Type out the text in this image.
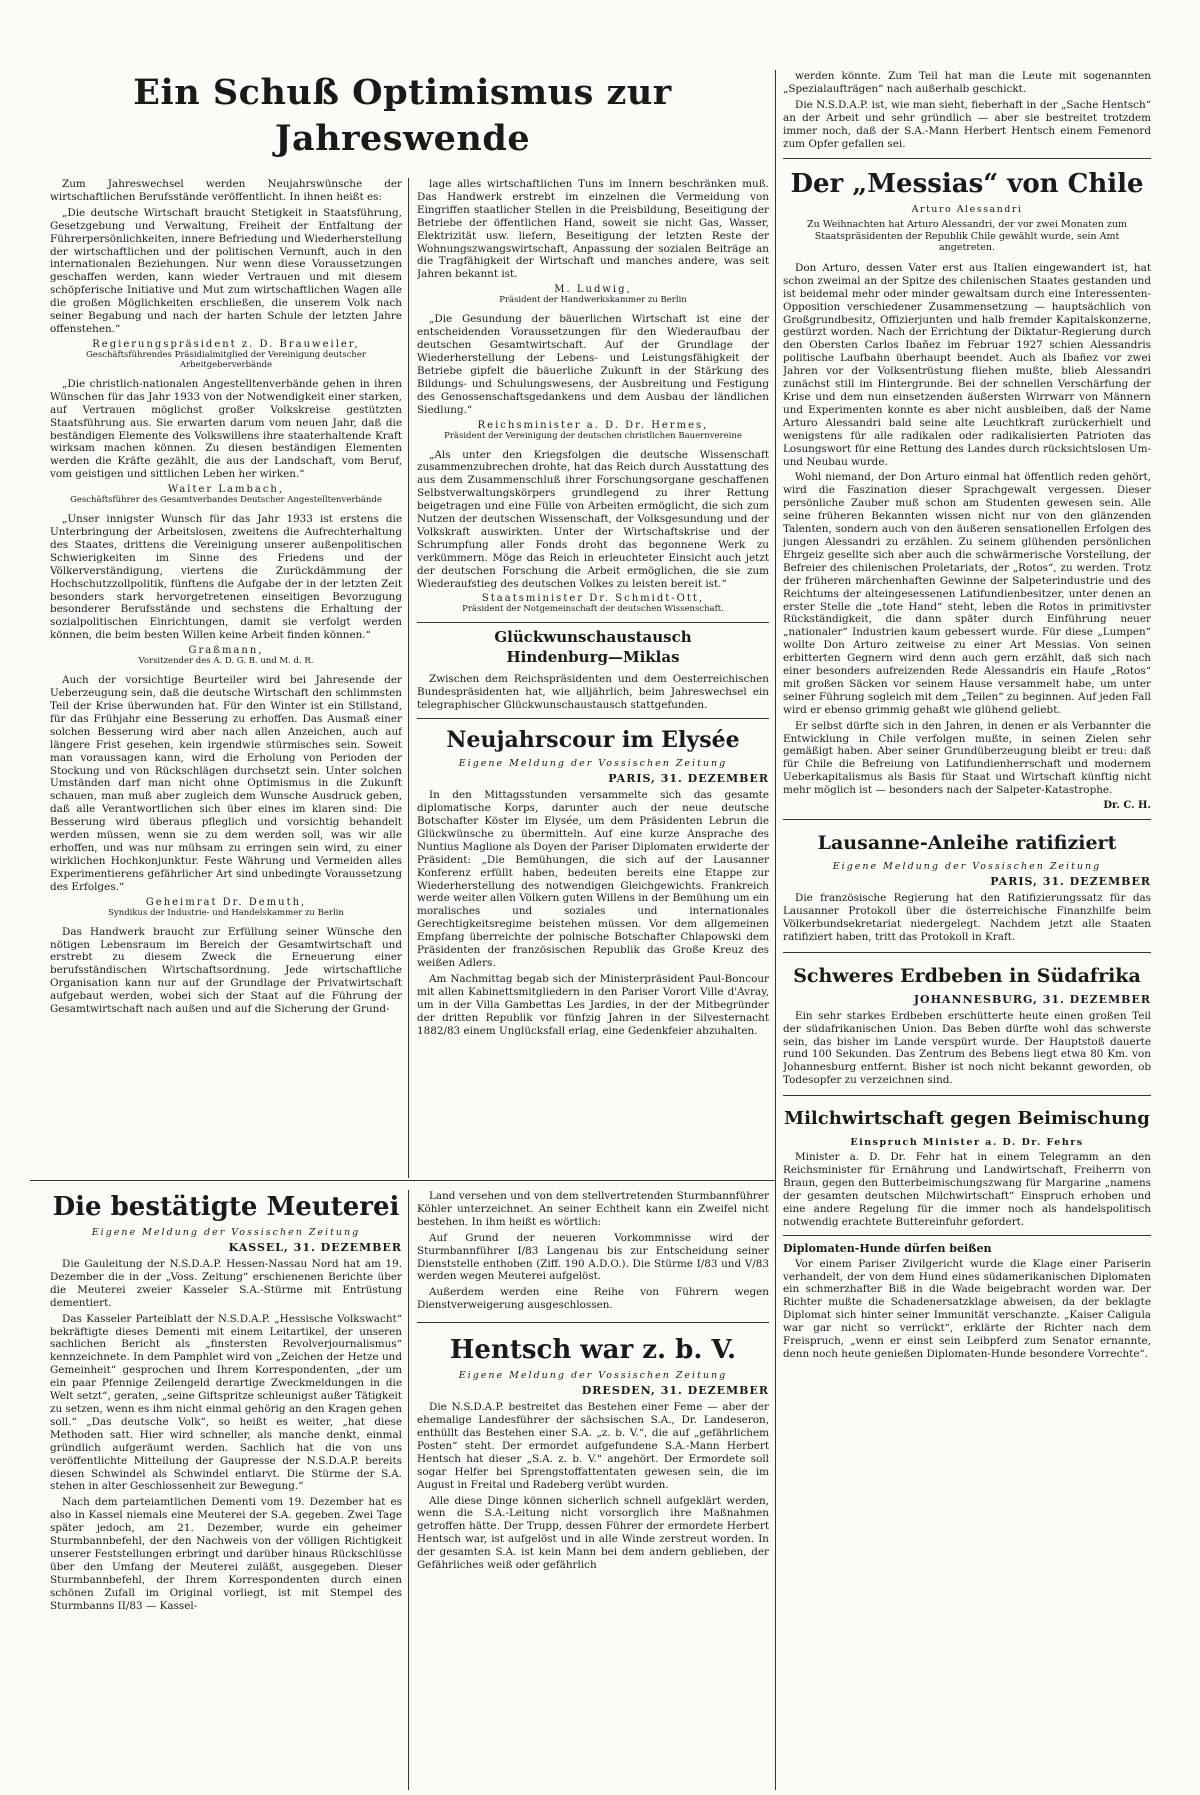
Ein Schuß Optimismus zur Jahreswende

Zum Jahreswechsel werden Neujahrswünsche der wirtschaftlichen Berufsstände veröffentlicht. In ihnen heißt es:

„Die deutsche Wirtschaft braucht Stetigkeit in Staatsführung, Gesetzgebung und Verwaltung, Freiheit der Entfaltung der Führerpersönlichkeiten, innere Befriedung und Wiederherstellung der wirtschaftlichen und der politischen Vernunft, auch in den internationalen Beziehungen. Nur wenn diese Voraussetzungen geschaffen werden, kann wieder Vertrauen und mit diesem schöpferische Initiative und Mut zum wirtschaftlichen Wagen alle die großen Möglichkeiten erschließen, die unserem Volk nach seiner Begabung und nach der harten Schule der letzten Jahre offenstehen.“

Regierungspräsident z. D. Brauweiler,
Geschäftsführendes Präsidialmitglied der Vereinigung deutscher Arbeitgeberverbände

„Die christlich-nationalen Angestelltenverbände gehen in ihren Wünschen für das Jahr 1933 von der Notwendigkeit einer starken, auf Vertrauen möglichst großer Volkskreise gestützten Staatsführung aus. Sie erwarten darum vom neuen Jahr, daß die beständigen Elemente des Volkswillens ihre staaterhaltende Kraft wirksam machen können. Zu diesen beständigen Elementen werden die Kräfte gezählt, die aus der Landschaft, vom Beruf, vom geistigen und sittlichen Leben her wirken.“

Walter Lambach,
Geschäftsführer des Gesamtverbandes Deutscher Angestelltenverbände

„Unser innigster Wunsch für das Jahr 1933 ist erstens die Unterbringung der Arbeitslosen, zweitens die Aufrechterhaltung des Staates, drittens die Vereinigung unserer außenpolitischen Schwierigkeiten im Sinne des Friedens und der Völkerverständigung, viertens die Zurückdämmung der Hochschutzzollpolitik, fünftens die Aufgabe der in der letzten Zeit besonders stark hervorgetretenen einseitigen Bevorzugung besonderer Berufsstände und sechstens die Erhaltung der sozialpolitischen Einrichtungen, damit sie verfolgt werden können, die beim besten Willen keine Arbeit finden können.“

Graßmann,
Vorsitzender des A. D. G. B. und M. d. R.

Auch der vorsichtige Beurteiler wird bei Jahresende der Ueberzeugung sein, daß die deutsche Wirtschaft den schlimmsten Teil der Krise überwunden hat. Für den Winter ist ein Stillstand, für das Frühjahr eine Besserung zu erhoffen. Das Ausmaß einer solchen Besserung wird aber nach allen Anzeichen, auch auf längere Frist gesehen, kein irgendwie stürmisches sein. Soweit man voraussagen kann, wird die Erholung von Perioden der Stockung und von Rückschlägen durchsetzt sein. Unter solchen Umständen darf man nicht ohne Optimismus in die Zukunft schauen, man muß aber zugleich dem Wunsche Ausdruck geben, daß alle Verantwortlichen sich über eines im klaren sind: Die Besserung wird überaus pfleglich und vorsichtig behandelt werden müssen, wenn sie zu dem werden soll, was wir alle erhoffen, und was nur mühsam zu erringen sein wird, zu einer wirklichen Hochkonjunktur. Feste Währung und Vermeiden alles Experimentierens gefährlicher Art sind unbedingte Voraussetzung des Erfolges.“

Geheimrat Dr. Demuth,
Syndikus der Industrie- und Handelskammer zu Berlin

Das Handwerk braucht zur Erfüllung seiner Wünsche den nötigen Lebensraum im Bereich der Gesamtwirtschaft und erstrebt zu diesem Zweck die Erneuerung einer berufsständischen Wirtschaftsordnung. Jede wirtschaftliche Organisation kann nur auf der Grundlage der Privatwirtschaft aufgebaut werden, wobei sich der Staat auf die Führung der Gesamtwirtschaft nach außen und auf die Sicherung der Grund-

lage alles wirtschaftlichen Tuns im Innern beschränken muß. Das Handwerk erstrebt im einzelnen die Vermeidung von Eingriffen staatlicher Stellen in die Preisbildung, Beseitigung der Betriebe der öffentlichen Hand, soweit sie nicht Gas, Wasser, Elektrizität usw. liefern, Beseitigung der letzten Reste der Wohnungszwangswirtschaft, Anpassung der sozialen Beiträge an die Tragfähigkeit der Wirtschaft und manches andere, was seit Jahren bekannt ist.

M. Ludwig,
Präsident der Handwerkskammer zu Berlin

„Die Gesundung der bäuerlichen Wirtschaft ist eine der entscheidenden Voraussetzungen für den Wiederaufbau der deutschen Gesamtwirtschaft. Auf der Grundlage der Wiederherstellung der Lebens- und Leistungsfähigkeit der Betriebe gipfelt die bäuerliche Zukunft in der Stärkung des Bildungs- und Schulungswesens, der Ausbreitung und Festigung des Genossenschaftsgedankens und dem Ausbau der ländlichen Siedlung.“

Reichsminister a. D. Dr. Hermes,
Präsident der Vereinigung der deutschen christlichen Bauernvereine

„Als unter den Kriegsfolgen die deutsche Wissenschaft zusammenzubrechen drohte, hat das Reich durch Ausstattung des aus dem Zusammenschluß ihrer Forschungsorgane geschaffenen Selbstverwaltungskörpers grundlegend zu ihrer Rettung beigetragen und eine Fülle von Arbeiten ermöglicht, die sich zum Nutzen der deutschen Wissenschaft, der Volksgesundung und der Volkskraft auswirkten. Unter der Wirtschaftskrise und der Schrumpfung aller Fonds droht das begonnene Werk zu verkümmern. Möge das Reich in erleuchteter Einsicht auch jetzt der deutschen Forschung die Arbeit ermöglichen, die sie zum Wiederaufstieg des deutschen Volkes zu leisten bereit ist.“

Staatsminister Dr. Schmidt-Ott,
Präsident der Notgemeinschaft der deutschen Wissenschaft.
Glückwunschaustausch
Hindenburg—Miklas

Zwischen dem Reichspräsidenten und dem Oesterreichischen Bundespräsidenten hat, wie alljährlich, beim Jahreswechsel ein telegraphischer Glückwunschaustausch stattgefunden.

Neujahrscour im Elysée
Eigene Meldung der Vossischen Zeitung
PARIS, 31. DEZEMBER

In den Mittagsstunden versammelte sich das gesamte diplomatische Korps, darunter auch der neue deutsche Botschafter Köster im Elysée, um dem Präsidenten Lebrun die Glückwünsche zu übermitteln. Auf eine kurze Ansprache des Nuntius Maglione als Doyen der Pariser Diplomaten erwiderte der Präsident: „Die Bemühungen, die sich auf der Lausanner Konferenz erfüllt haben, bedeuten bereits eine Etappe zur Wiederherstellung des notwendigen Gleichgewichts. Frankreich werde weiter allen Völkern guten Willens in der Bemühung um ein moralisches und soziales und internationales Gerechtigkeitsregime beistehen müssen. Vor dem allgemeinen Empfang überreichte der polnische Botschafter Chlapowski dem Präsidenten der französischen Republik das Große Kreuz des weißen Adlers.

Am Nachmittag begab sich der Ministerpräsident Paul-Boncour mit allen Kabinettsmitgliedern in den Pariser Vorort Ville d'Avray, um in der Villa Gambettas Les Jardies, in der der Mitbegründer der dritten Republik vor fünfzig Jahren in der Silvesternacht 1882/83 einem Unglücksfall erlag, eine Gedenkfeier abzuhalten.

werden könnte. Zum Teil hat man die Leute mit sogenannten „Spezialaufträgen“ nach außerhalb geschickt.

Die N.S.D.A.P. ist, wie man sieht, fieberhaft in der „Sache Hentsch“ an der Arbeit und sehr gründlich — aber sie bestreitet trotzdem immer noch, daß der S.A.-Mann Herbert Hentsch einem Femenord zum Opfer gefallen sei.

Der „Messias“ von Chile
Arturo Alessandri
Zu Weihnachten hat Arturo Alessandri, der vor zwei Monaten zum Staatspräsidenten der Republik Chile gewählt wurde, sein Amt angetreten.

Don Arturo, dessen Vater erst aus Italien eingewandert ist, hat schon zweimal an der Spitze des chilenischen Staates gestanden und ist beidemal mehr oder minder gewaltsam durch eine Interessenten-Opposition verschiedener Zusammensetzung — hauptsächlich von Großgrundbesitz, Offizierjunten und halb fremder Kapitalskonzerne, gestürzt worden. Nach der Errichtung der Diktatur-Regierung durch den Obersten Carlos Ibañez im Februar 1927 schien Alessandris politische Laufbahn überhaupt beendet. Auch als Ibañez vor zwei Jahren vor der Volksentrüstung fliehen mußte, blieb Alessandri zunächst still im Hintergrunde. Bei der schnellen Verschärfung der Krise und dem nun einsetzenden äußersten Wirrwarr von Männern und Experimenten konnte es aber nicht ausbleiben, daß der Name Arturo Alessandri bald seine alte Leuchtkraft zurückerhielt und wenigstens für alle radikalen oder radikalisierten Patrioten das Losungswort für eine Rettung des Landes durch rücksichtslosen Um- und Neubau wurde.

Wohl niemand, der Don Arturo einmal hat öffentlich reden gehört, wird die Faszination dieser Sprachgewalt vergessen. Dieser persönliche Zauber muß schon am Studenten gewesen sein. Alle seine früheren Bekannten wissen nicht nur von den glänzenden Talenten, sondern auch von den äußeren sensationellen Erfolgen des jungen Alessandri zu erzählen. Zu seinem glühenden persönlichen Ehrgeiz gesellte sich aber auch die schwärmerische Vorstellung, der Befreier des chilenischen Proletariats, der „Rotos“, zu werden. Trotz der früheren märchenhaften Gewinne der Salpeterindustrie und des Reichtums der alteingesessenen Latifundienbesitzer, unter denen an erster Stelle die „tote Hand“ steht, leben die Rotos in primitivster Rückständigkeit, die dann später durch Einführung neuer „nationaler“ Industrien kaum gebessert wurde. Für diese „Lumpen“ wollte Don Arturo zeitweise zu einer Art Messias. Von seinen erbitterten Gegnern wird denn auch gern erzählt, daß sich nach einer besonders aufreizenden Rede Alessandris ein Haufe „Rotos“ mit großen Säcken vor seinem Hause versammelt habe, um unter seiner Führung sogleich mit dem „Teilen“ zu beginnen. Auf jeden Fall wird er ebenso grimmig gehaßt wie glühend geliebt.

Er selbst dürfte sich in den Jahren, in denen er als Verbannter die Entwicklung in Chile verfolgen mußte, in seinen Zielen sehr gemäßigt haben. Aber seiner Grundüberzeugung bleibt er treu: daß für Chile die Befreiung von Latifundienherrschaft und modernem Ueberkapitalismus als Basis für Staat und Wirtschaft künftig nicht mehr möglich ist — besonders nach der Salpeter-Katastrophe.

Dr. C. H.
Lausanne-Anleihe ratifiziert
Eigene Meldung der Vossischen Zeitung
PARIS, 31. DEZEMBER

Die französische Regierung hat den Ratifizierungssatz für das Lausanner Protokoll über die österreichische Finanzhilfe beim Völkerbundsekretariat niedergelegt. Nachdem jetzt alle Staaten ratifiziert haben, tritt das Protokoll in Kraft.

Schweres Erdbeben in Südafrika
JOHANNESBURG, 31. DEZEMBER

Ein sehr starkes Erdbeben erschütterte heute einen großen Teil der südafrikanischen Union. Das Beben dürfte wohl das schwerste sein, das bisher im Lande verspürt wurde. Der Hauptstoß dauerte rund 100 Sekunden. Das Zentrum des Bebens liegt etwa 80 Km. von Johannesburg entfernt. Bisher ist noch nicht bekannt geworden, ob Todesopfer zu verzeichnen sind.

Milchwirtschaft gegen Beimischung
Einspruch Minister a. D. Dr. Fehrs

Minister a. D. Dr. Fehr hat in einem Telegramm an den Reichsminister für Ernährung und Landwirtschaft, Freiherrn von Braun, gegen den Butterbeimischungszwang für Margarine „namens der gesamten deutschen Milchwirtschaft“ Einspruch erhoben und eine andere Regelung für die immer noch als handelspolitisch notwendig erachtete Buttereinfuhr gefordert.

Diplomaten-Hunde dürfen beißen

Vor einem Pariser Zivilgericht wurde die Klage einer Pariserin verhandelt, der von dem Hund eines südamerikanischen Diplomaten ein schmerzhafter Biß in die Wade beigebracht worden war. Der Richter mußte die Schadenersatzklage abweisen, da der beklagte Diplomat sich hinter seiner Immunität verschanzte. „Kaiser Caligula war gar nicht so verrückt“, erklärte der Richter nach dem Freispruch, „wenn er einst sein Leibpferd zum Senator ernannte, denn noch heute genießen Diplomaten-Hunde besondere Vorrechte“.

Die bestätigte Meuterei
Eigene Meldung der Vossischen Zeitung
KASSEL, 31. DEZEMBER

Die Gauleitung der N.S.D.A.P. Hessen-Nassau Nord hat am 19. Dezember die in der „Voss. Zeitung“ erschienenen Berichte über die Meuterei zweier Kasseler S.A.-Stürme mit Entrüstung dementiert.

Das Kasseler Parteiblatt der N.S.D.A.P. „Hessische Volkswacht“ bekräftigte dieses Dementi mit einem Leitartikel, der unseren sachlichen Bericht als „finstersten Revolverjournalismus“ kennzeichnete. In dem Pamphlet wird von „Zeichen der Hetze und Gemeinheit“ gesprochen und Ihrem Korrespondenten, „der um ein paar Pfennige Zeilengeld derartige Zweckmeldungen in die Welt setzt“, geraten, „seine Giftspritze schleunigst außer Tätigkeit zu setzen, wenn es ihm nicht einmal gehörig an den Kragen gehen soll.“ „Das deutsche Volk“, so heißt es weiter, „hat diese Methoden satt. Hier wird schneller, als manche denkt, einmal gründlich aufgeräumt werden. Sachlich hat die von uns veröffentlichte Mitteilung der Gaupresse der N.S.D.A.P. bereits diesen Schwindel als Schwindel entlarvt. Die Stürme der S.A. stehen in alter Geschlossenheit zur Bewegung.“

Nach dem parteiamtlichen Dementi vom 19. Dezember hat es also in Kassel niemals eine Meuterei der S.A. gegeben. Zwei Tage später jedoch, am 21. Dezember, wurde ein geheimer Sturmbannbefehl, der den Nachweis von der völligen Richtigkeit unserer Feststellungen erbringt und darüber hinaus Rückschlüsse über den Umfang der Meuterei zuläßt, ausgegeben. Dieser Sturmbannbefehl, der Ihrem Korrespondenten durch einen schönen Zufall im Original vorliegt, ist mit Stempel des Sturmbanns II/83 — Kassel-

Land versehen und von dem stellvertretenden Sturmbannführer Köhler unterzeichnet. An seiner Echtheit kann ein Zweifel nicht bestehen. In ihm heißt es wörtlich:

Auf Grund der neueren Vorkommnisse wird der Sturmbannführer I/83 Langenau bis zur Entscheidung seiner Dienststelle enthoben (Ziff. 190 A.D.O.). Die Stürme I/83 und V/83 werden wegen Meuterei aufgelöst.

Außerdem werden eine Reihe von Führern wegen Dienstverweigerung ausgeschlossen.

Hentsch war z. b. V.
Eigene Meldung der Vossischen Zeitung
DRESDEN, 31. DEZEMBER

Die N.S.D.A.P. bestreitet das Bestehen einer Feme — aber der ehemalige Landesführer der sächsischen S.A., Dr. Landeseron, enthüllt das Bestehen einer S.A. „z. b. V.“, die auf „gefährlichem Posten“ steht. Der ermordet aufgefundene S.A.-Mann Herbert Hentsch hat dieser „S.A. z. b. V.“ angehört. Der Ermordete soll sogar Helfer bei Sprengstoffattentaten gewesen sein, die im August in Freital und Radeberg verübt wurden.

Alle diese Dinge können sicherlich schnell aufgeklärt werden, wenn die S.A.-Leitung nicht vorsorglich ihre Maßnahmen getroffen hätte. Der Trupp, dessen Führer der ermordete Herbert Hentsch war, ist aufgelöst und in alle Winde zerstreut worden. In der gesamten S.A. ist kein Mann bei dem andern geblieben, der Gefährliches weiß oder gefährlich
